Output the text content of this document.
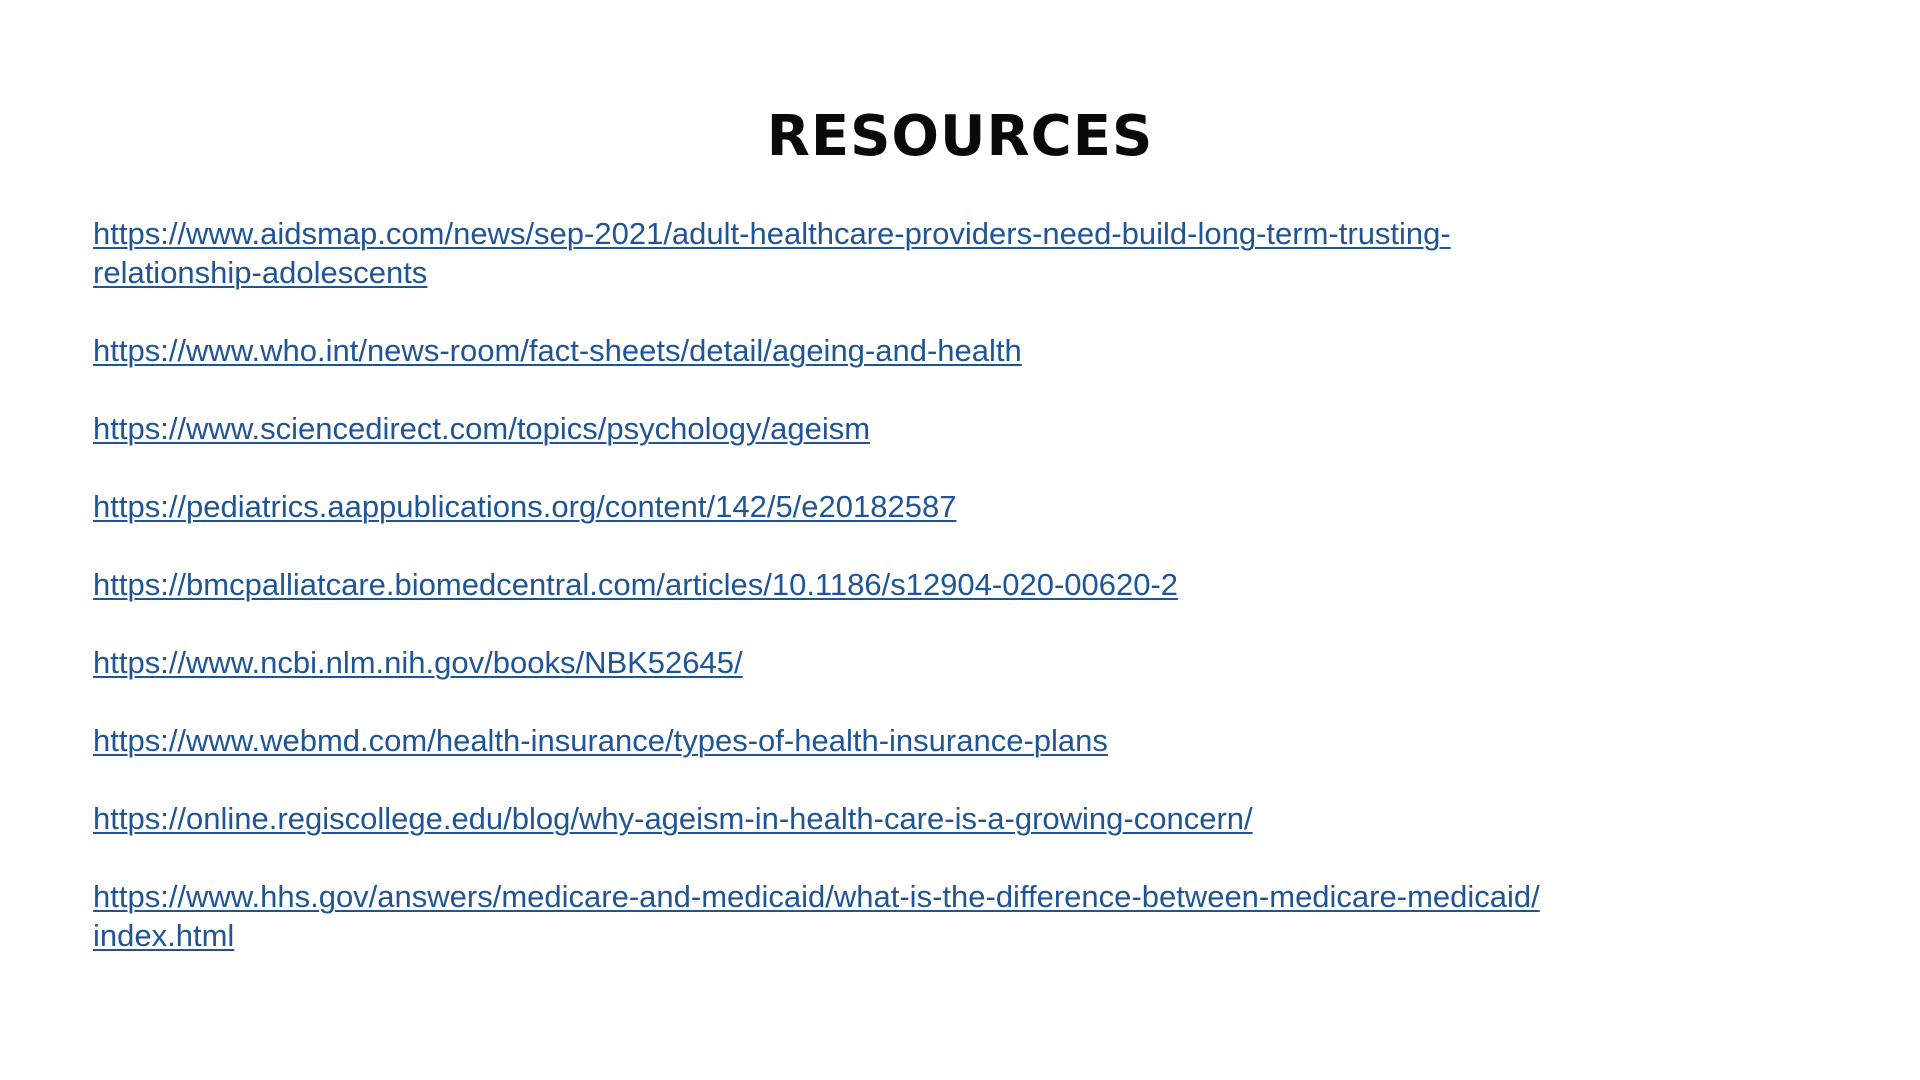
RESOURCES
https://www.aidsmap.com/news/sep-2021/adult-healthcare-providers-need-build-long-term-trusting-
relationship-adolescents
https://www.who.int/news-room/fact-sheets/detail/ageing-and-health
https://www.sciencedirect.com/topics/psychology/ageism
https://pediatrics.aappublications.org/content/142/5/e20182587
https://bmcpalliatcare.biomedcentral.com/articles/10.1186/s12904-020-00620-2
https://www.ncbi.nlm.nih.gov/books/NBK52645/
https://www.webmd.com/health-insurance/types-of-health-insurance-plans
https://online.regiscollege.edu/blog/why-ageism-in-health-care-is-a-growing-concern/
https://www.hhs.gov/answers/medicare-and-medicaid/what-is-the-difference-between-medicare-medicaid/
index.html
